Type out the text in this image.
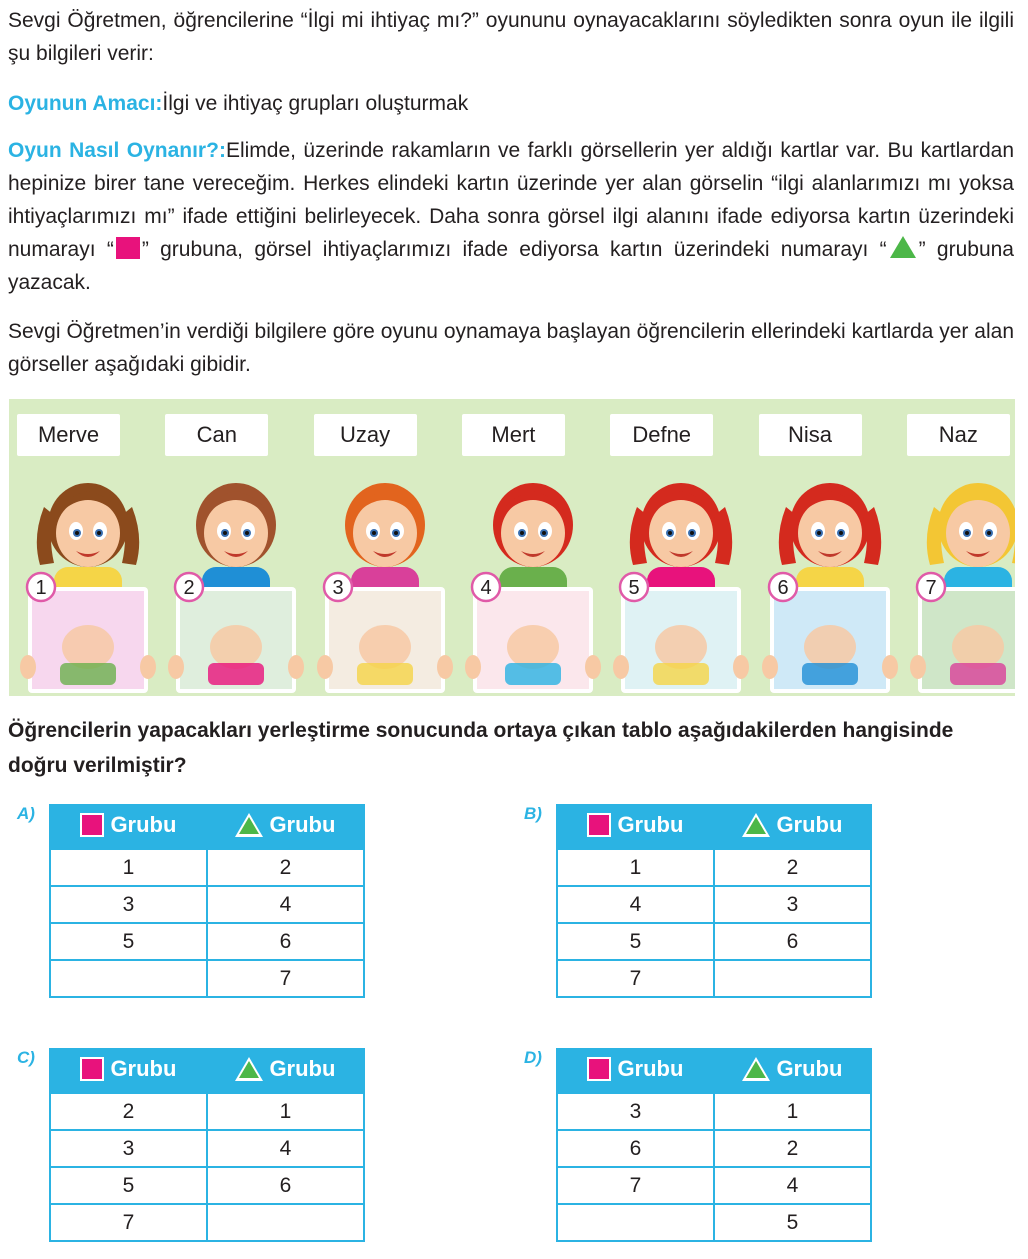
Sevgi Öğretmen, öğrencilerine “İlgi mi ihtiyaç mı?” oyununu oynayacaklarını söyledikten sonra oyun ile ilgili şu bilgileri verir:

Oyunun Amacı:İlgi ve ihtiyaç grupları oluşturmak

Oyun Nasıl Oynanır?:Elimde, üzerinde rakamların ve farklı görsellerin yer aldığı kartlar var. Bu kartlardan hepinize birer tane vereceğim. Herkes elindeki kartın üzerinde yer alan görselin “ilgi alanlarımızı mı yoksa ihtiyaçlarımızı mı” ifade ettiğini belirleyecek. Daha sonra görsel ilgi alanını ifade ediyorsa kartın üzerindeki numarayı “ ” grubuna, görsel ihtiyaçlarımızı ifade ediyorsa kartın üzerindeki numarayı “ ” grubuna yazacak.

Sevgi Öğretmen’in verdiği bilgilere göre oyunu oynamaya başlayan öğrencilerin ellerindeki kartlarda yer alan görseller aşağıdaki gibidir.

Merve
1
Can
2
Uzay
3
Mert
4
Defne
5
Nisa
6
Naz
7

Öğrencilerin yapacakları yerleştirme sonucunda ortaya çıkan tablo aşağıdakilerden hangisinde doğru verilmiştir?

A)	Grubu	Grubu

1	2
3	4
5	6
	7
B)	Grubu	Grubu

1	2
4	3
5	6
7	
C)	Grubu	Grubu

2	1
3	4
5	6
7	
D)	Grubu	Grubu

3	1
6	2
7	4
	5
